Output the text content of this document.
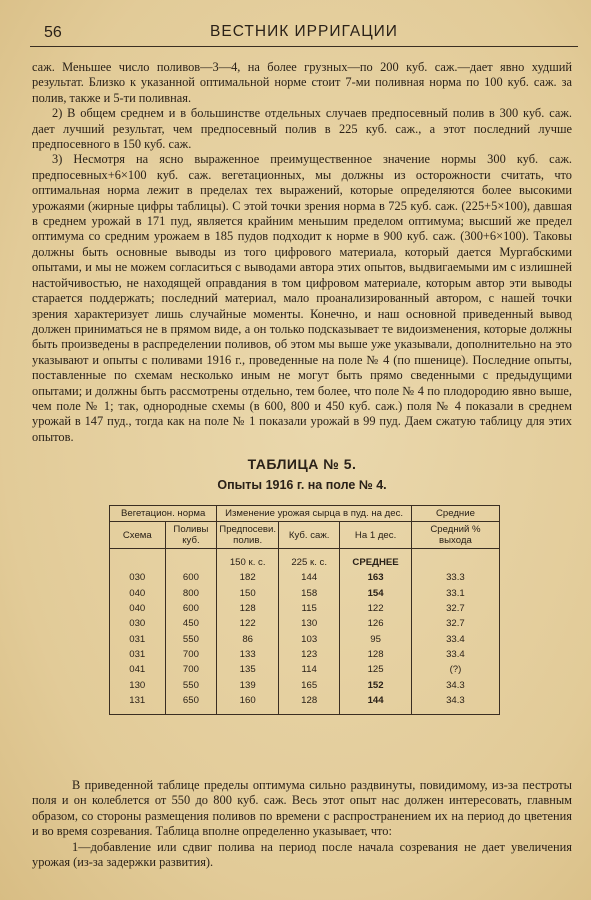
56	ВЕСТНИК ИРРИГАЦИИ

саж. Меньшее число поливов—3—4, на более грузных—по 200 куб. саж.—дает явно худший результат. Близко к указанной оптимальной норме стоит 7-ми поливная норма по 100 куб. саж. за полив, также и 5-ти поливная.

2) В общем среднем и в большинстве отдельных случаев предпосевный полив в 300 куб. саж. дает лучший результат, чем предпосевный полив в 225 куб. саж., а этот последний лучше предпосевного в 150 куб. саж.

3) Несмотря на ясно выраженное преимущественное значение нормы 300 куб. саж. предпосевных+6×100 куб. саж. вегетационных, мы должны из осторожности считать, что оптимальная норма лежит в пределах тех выражений, которые определяются более высокими урожаями (жирные цифры таблицы). С этой точки зрения норма в 725 куб. саж. (225+5×100), давшая в среднем урожай в 171 пуд, является крайним меньшим пределом оптимума; высший же предел оптимума со средним урожаем в 185 пудов подходит к норме в 900 куб. саж. (300+6×100). Таковы должны быть основные выводы из того цифрового материала, который дается Мургабскими опытами, и мы не можем согласиться с выводами автора этих опытов, выдвигаемыми им с излишней настойчивостью, не находящей оправдания в том цифровом материале, которым автор эти выводы старается поддержать; последний материал, мало проанализированный автором, с нашей точки зрения характеризует лишь случайные моменты. Конечно, и наш основной приведенный вывод должен приниматься не в прямом виде, а он только подсказывает те видоизменения, которые должны быть произведены в распределении поливов, об этом мы выше уже указывали, дополнительно на это указывают и опыты с поливами 1916 г., проведенные на поле № 4 (по пшенице). Последние опыты, поставленные по схемам несколько иным не могут быть прямо сведенными с предыдущими опытами; и должны быть рассмотрены отдельно, тем более, что поле № 4 по плодородию явно выше, чем поле № 1; так, однородные схемы (в 600, 800 и 450 куб. саж.) поля № 4 показали в среднем урожай в 147 пуд., тогда как на поле № 1 показали урожай в 99 пуд. Даем сжатую таблицу для этих опытов.

ТАБЛИЦА № 5.
Опыты 1916 г. на поле № 4.
Вегетацион. норма		Изменение урожая сырца в пуд. на дес.			Средние
Схема	Поливы куб.	Предпосеви. полив.	Куб. саж.	На 1 дес.	Средний % выхода
		150 к. с.	225 к. с.	СРЕДНЕЕ	
030	600	182	144	163	33.3
040	800	150	158	154	33.1
040	600	128	115	122	32.7
030	450	122	130	126	32.7
031	550	86	103	95	33.4
031	700	133	123	128	33.4
041	700	135	114	125	(?)
130	550	139	165	152	34.3
131	650	160	128	144	34.3

В приведенной таблице пределы оптимума сильно раздвинуты, повидимому, из-за пестроты поля и он колеблется от 550 до 800 куб. саж. Весь этот опыт нас должен интересовать, главным образом, со стороны размещения поливов по времени с распространением их на период до цветения и во время созревания. Таблица вполне определенно указывает, что:

1—добавление или сдвиг полива на период после начала созревания не дает увеличения урожая (из-за задержки развития).
